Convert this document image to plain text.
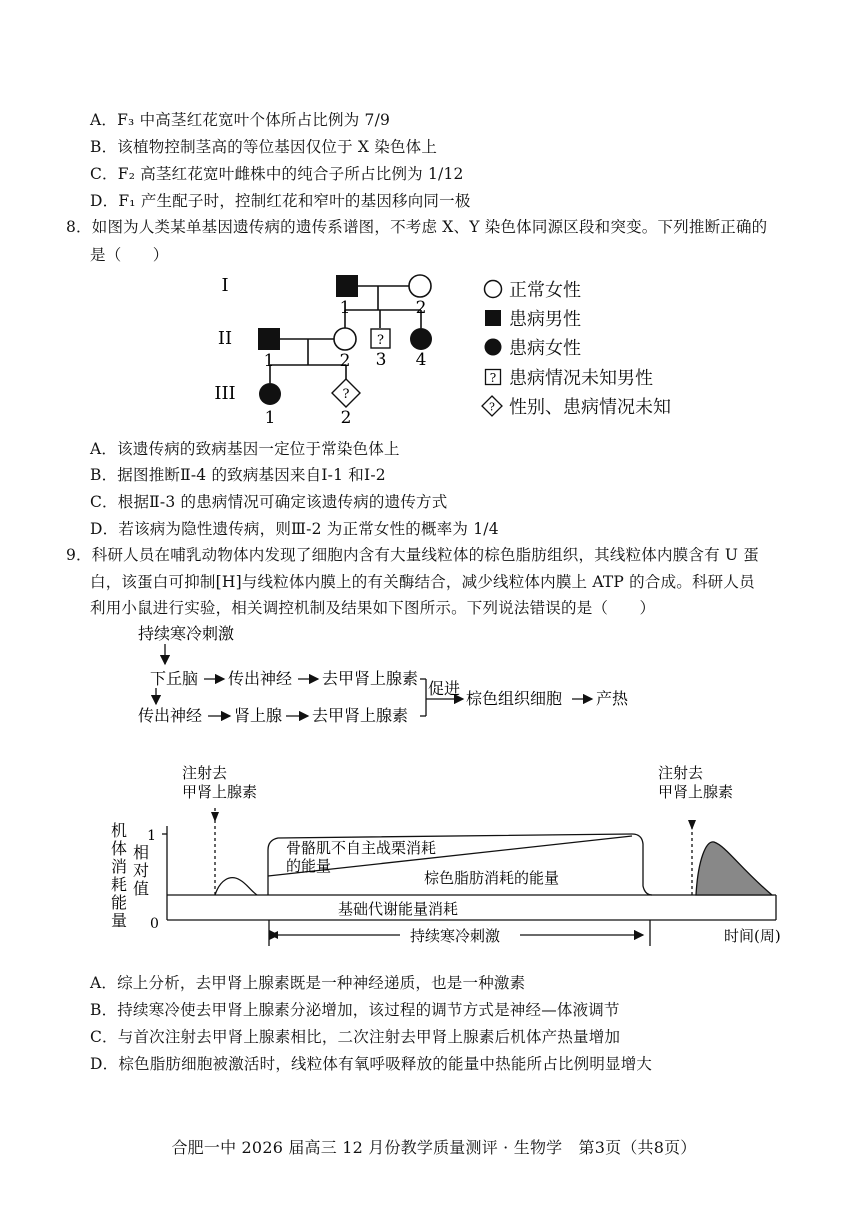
A．F₃ 中高茎红花宽叶个体所占比例为 7/9
B．该植物控制茎高的等位基因仅位于 X 染色体上
C．F₂ 高茎红花宽叶雌株中的纯合子所占比例为 1/12
D．F₁ 产生配子时，控制红花和窄叶的基因移向同一极
8．如图为人类某单基因遗传病的遗传系谱图，不考虑 X、Y 染色体同源区段和突变。下列推断正确的
是（　　）
?
?
I
II
III
1	2
1	2 3 4
1	2
正常女性
患病男性
患病女性
? 患病情况未知男性
? 性别、患病情况未知
A．该遗传病的致病基因一定位于常染色体上
B．据图推断Ⅱ-4 的致病基因来自Ⅰ-1 和Ⅰ-2
C．根据Ⅱ-3 的患病情况可确定该遗传病的遗传方式
D．若该病为隐性遗传病，则Ⅲ-2 为正常女性的概率为 1/4
9．科研人员在哺乳动物体内发现了细胞内含有大量线粒体的棕色脂肪组织，其线粒体内膜含有 U 蛋
白，该蛋白可抑制[H]与线粒体内膜上的有关酶结合，减少线粒体内膜上 ATP 的合成。科研人员
利用小鼠进行实验，相关调控机制及结果如下图所示。下列说法错误的是（　　）
持续寒冷刺激
下丘脑 传出神经 去甲肾上腺素
传出神经 肾上腺 去甲肾上腺素
促进
棕色组织细胞 产热
机体消耗能量 相对值
1
0
注射去甲肾上腺素
注射去甲肾上腺素
骨骼肌不自主战栗消耗的能量
棕色脂肪消耗的能量
基础代谢能量消耗
持续寒冷刺激	时间(周)
A．综上分析，去甲肾上腺素既是一种神经递质，也是一种激素
B．持续寒冷使去甲肾上腺素分泌增加，该过程的调节方式是神经—体液调节
C．与首次注射去甲肾上腺素相比，二次注射去甲肾上腺素后机体产热量增加
D．棕色脂肪细胞被激活时，线粒体有氧呼吸释放的能量中热能所占比例明显增大
合肥一中 2026 届高三 12 月份教学质量测评 · 生物学　第3页（共8页）
